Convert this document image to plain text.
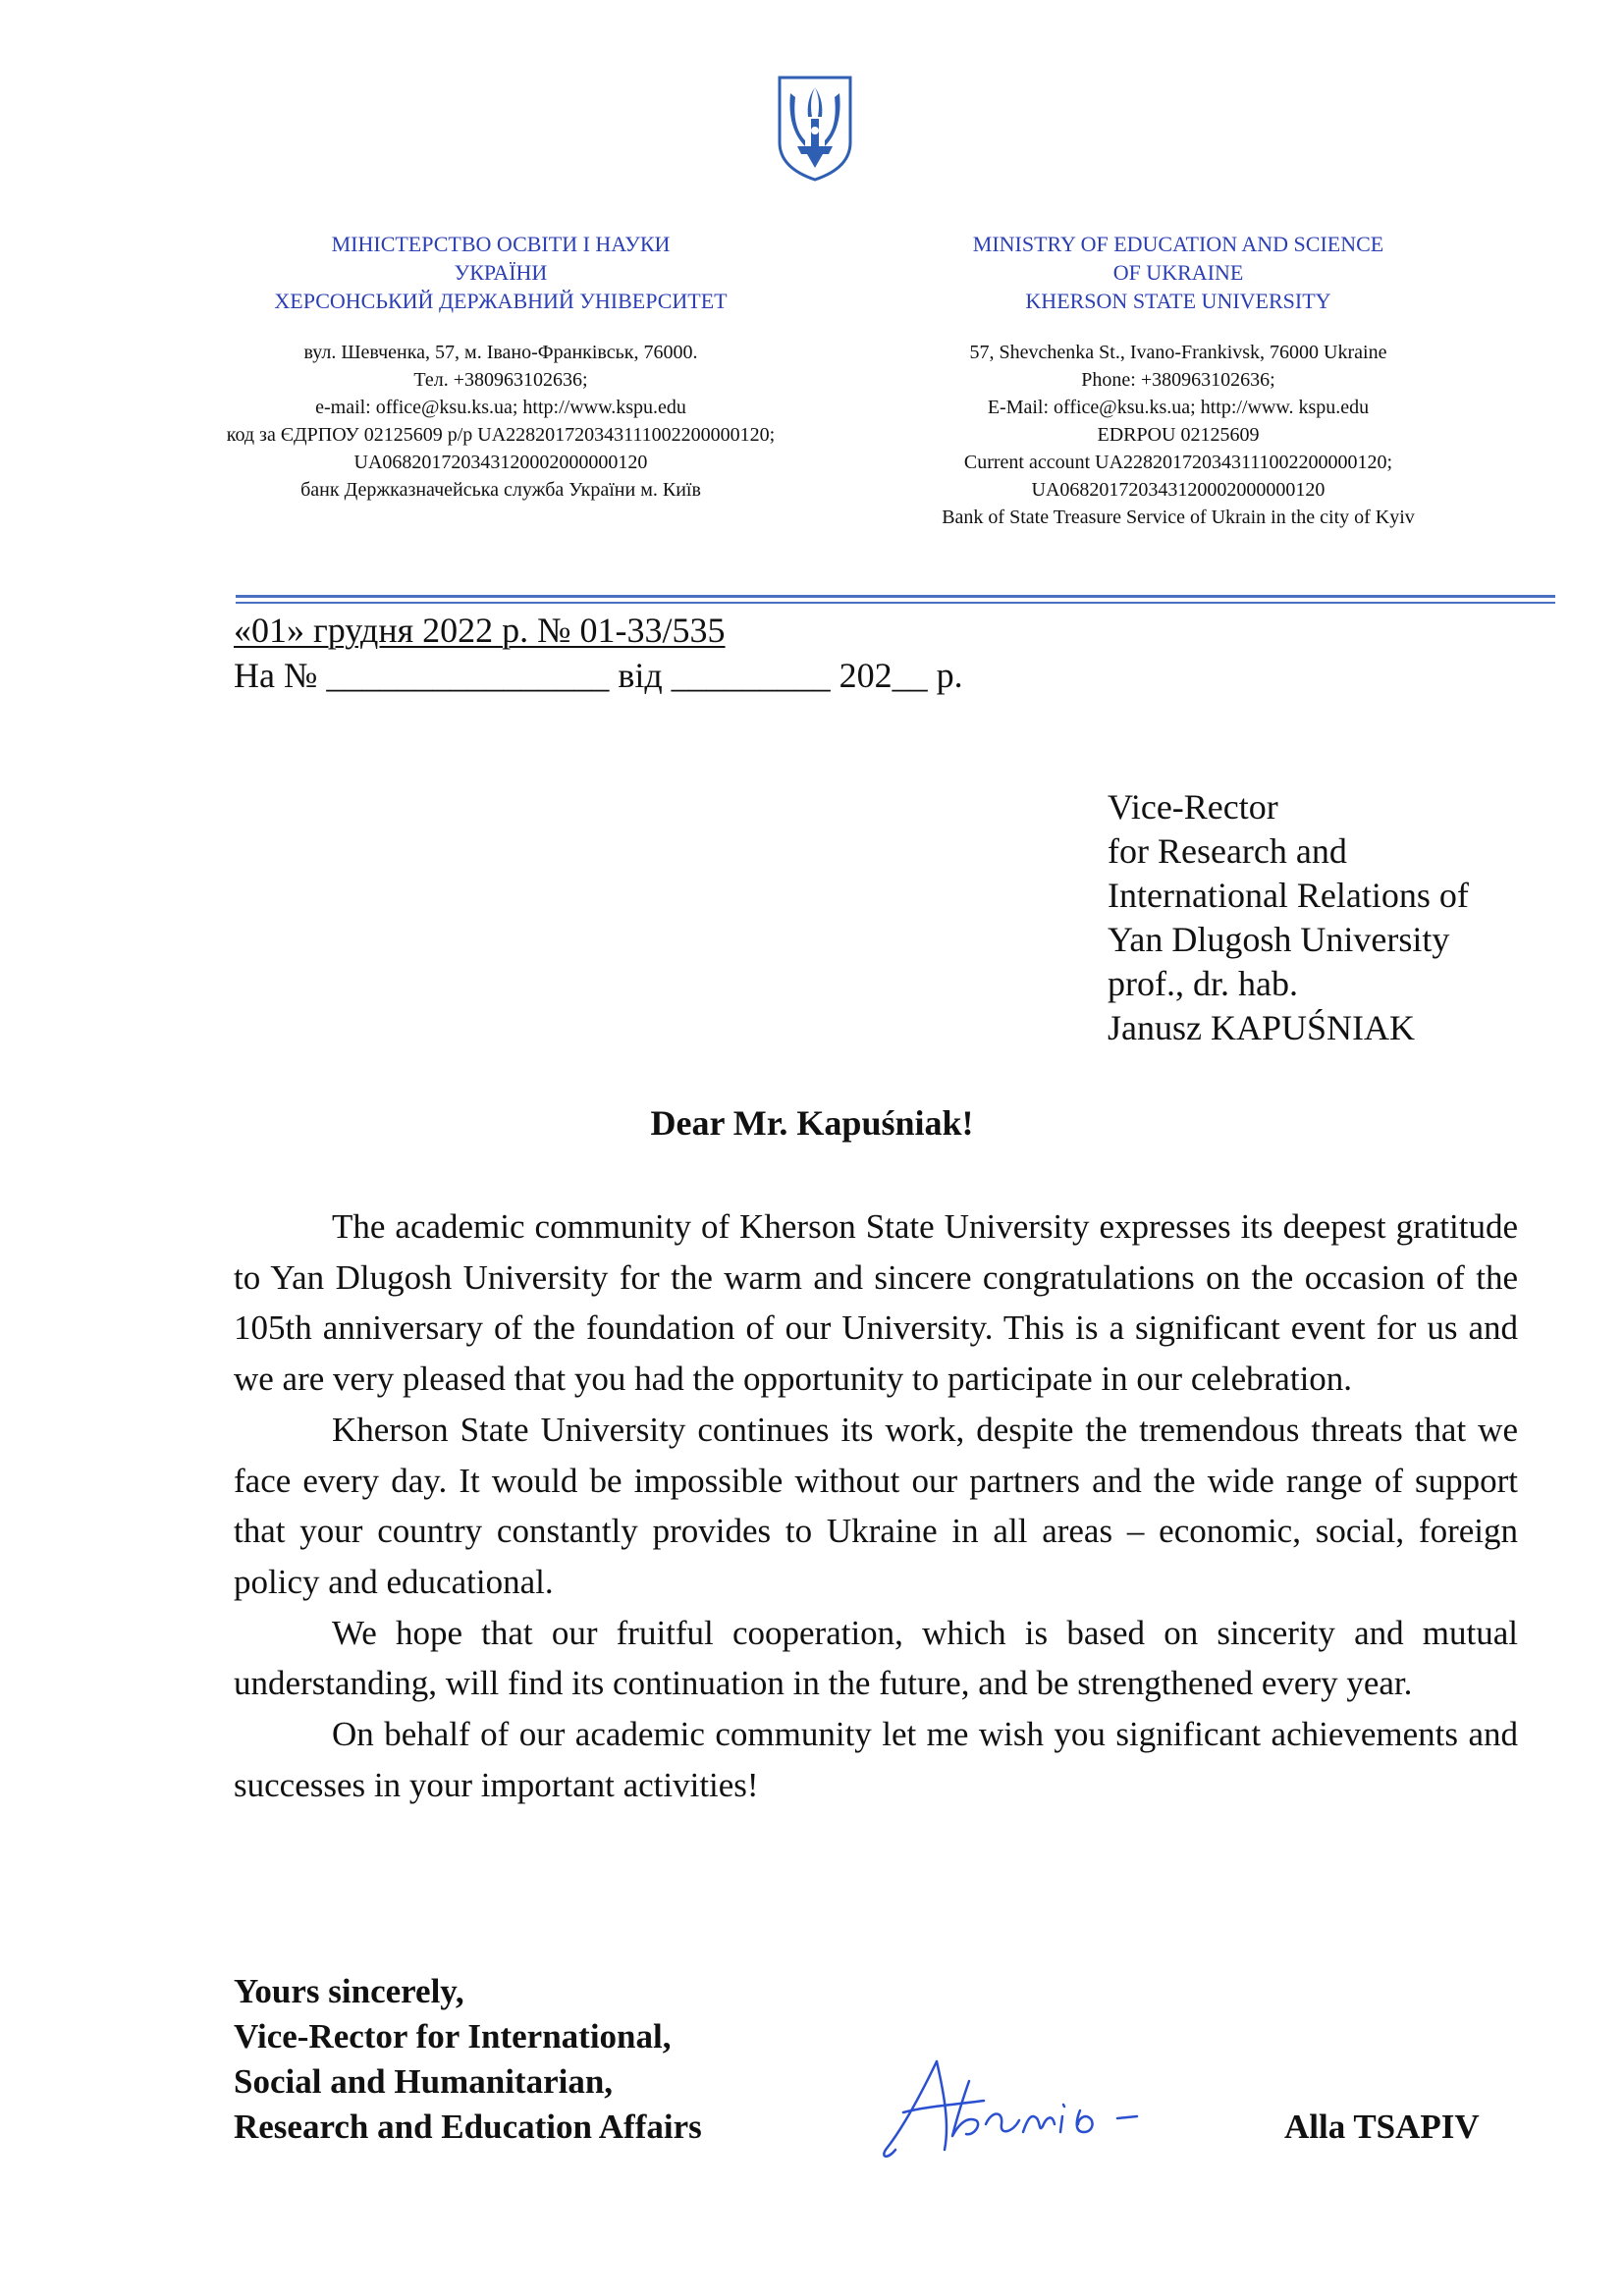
МІНІСТЕРСТВО ОСВІТИ І НАУКИ
УКРАЇНИ
ХЕРСОНСЬКИЙ ДЕРЖАВНИЙ УНІВЕРСИТЕТ
вул. Шевченка, 57, м. Івано-Франківськ, 76000.
Тел. +380963102636;
e-mail: office@ksu.ks.ua; http://www.kspu.edu
код за ЄДРПОУ 02125609 р/р UA228201720343111002200000120;
UA068201720343120002000000120
банк Держказначейська служба України м. Київ
MINISTRY OF EDUCATION AND SCIENCE
OF UKRAINE
KHERSON STATE UNIVERSITY
57, Shevchenka St., Ivano-Frankivsk, 76000 Ukraine
Phone: +380963102636;
E-Mail: office@ksu.ks.ua; http://www. kspu.edu
EDRPOU 02125609
Current account UA228201720343111002200000120;
UA068201720343120002000000120
Bank of State Treasure Service of Ukrain in the city of Kyiv
«01» грудня 2022 р. № 01-33/535
На № ________________ від _________ 202__ р.
Vice-Rector
for Research and
International Relations of
Yan Dlugosh University
prof., dr. hab.
Janusz KAPUŚNIAK
Dear Mr. Kapuśniak!

The academic community of Kherson State University expresses its deepest gratitude to Yan Dlugosh University for the warm and sincere congratulations on the occasion of the 105th anniversary of the foundation of our University. This is a significant event for us and we are very pleased that you had the opportunity to participate in our celebration.

Kherson State University continues its work, despite the tremendous threats that we face every day. It would be impossible without our partners and the wide range of support that your country constantly provides to Ukraine in all areas – economic, social, foreign policy and educational.

We hope that our fruitful cooperation, which is based on sincerity and mutual understanding, will find its continuation in the future, and be strengthened every year.

On behalf of our academic community let me wish you significant achievements and successes in your important activities!

Yours sincerely,
Vice-Rector for International,
Social and Humanitarian,
Research and Education Affairs	Alla TSAPIV
